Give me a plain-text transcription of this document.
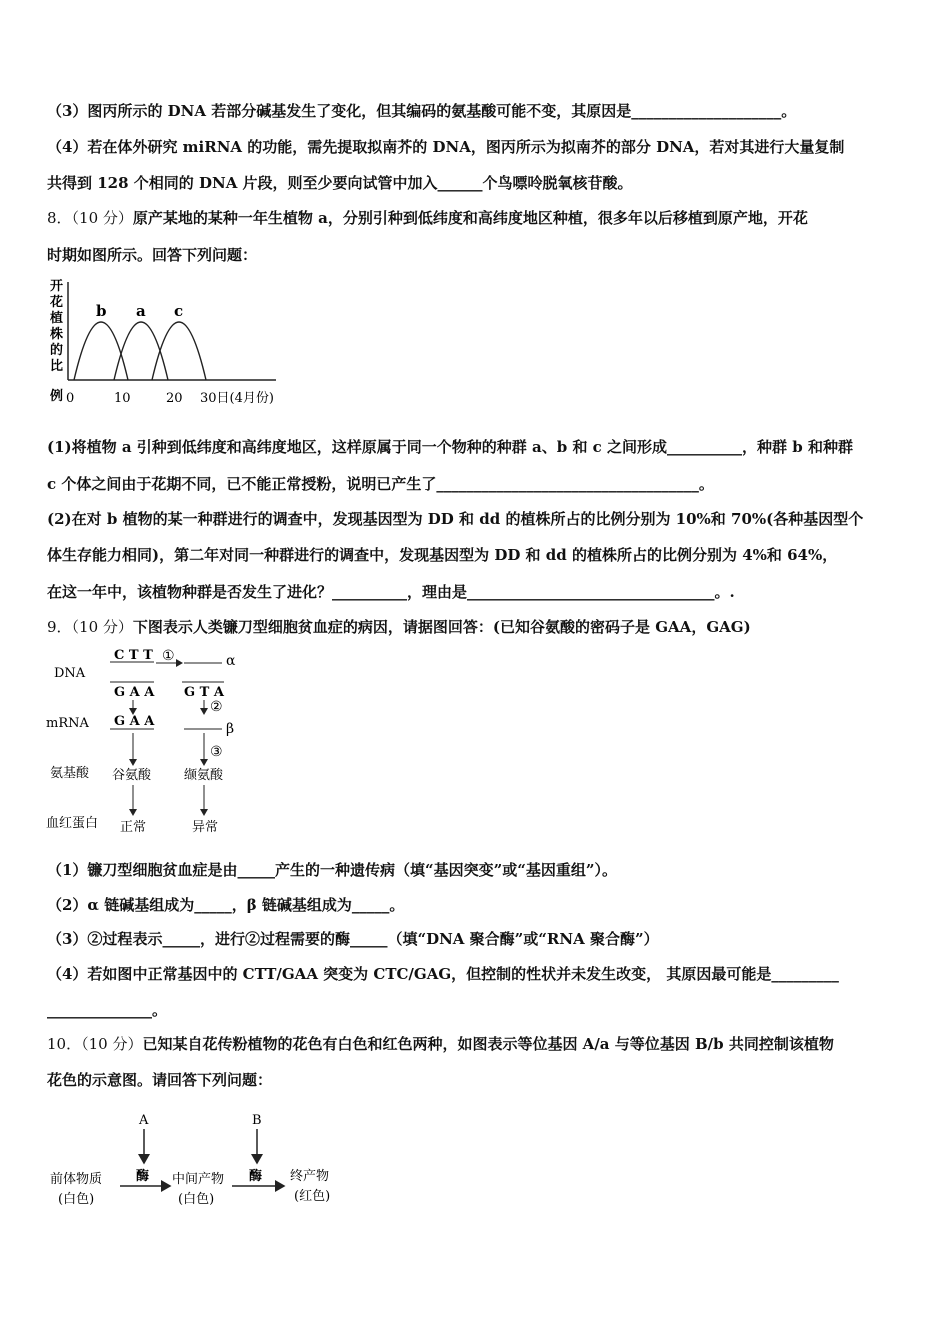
（3）图丙所示的 DNA 若部分碱基发生了变化，但其编码的氨基酸可能不变，其原因是____________________。
（4）若在体外研究 miRNA 的功能，需先提取拟南芥的 DNA，图丙所示为拟南芥的部分 DNA，若对其进行大量复制
共得到 128 个相同的 DNA 片段，则至少要向试管中加入______个鸟嘌呤脱氧核苷酸。
8．（10 分）原产某地的某种一年生植物 a，分别引种到低纬度和高纬度地区种植，很多年以后移植到原产地，开花
时期如图所示。回答下列问题：
开
花
植
株
的
比
例
b a c
0	10	20 30日(4月份)
(1)将植物 a 引种到低纬度和高纬度地区，这样原属于同一个物种的种群 a、b 和 c 之间形成__________，种群 b 和种群
c 个体之间由于花期不同，已不能正常授粉，说明已产生了___________________________________。
(2)在对 b 植物的某一种群进行的调查中，发现基因型为 DD 和 dd 的植株所占的比例分别为 10%和 70%(各种基因型个
体生存能力相同)，第二年对同一种群进行的调查中，发现基因型为 DD 和 dd 的植株所占的比例分别为 4%和 64%，
在这一年中，该植物种群是否发生了进化？__________，理由是_________________________________。.
9．（10 分）下图表示人类镰刀型细胞贫血症的病因，请据图回答：(已知谷氨酸的密码子是 GAA，GAG)
DNA
mRNA
氨基酸
血红蛋白
C T T
G A A G T A
G A A
①	α
②
β
③
谷氨酸	缬氨酸
正常	异常
（1）镰刀型细胞贫血症是由_____产生的一种遗传病（填“基因突变”或“基因重组”）。
（2）α 链碱基组成为_____，β 链碱基组成为_____。
（3）②过程表示_____，进行②过程需要的酶_____（填“DNA 聚合酶”或“RNA 聚合酶”）
（4）若如图中正常基因中的 CTT/GAA 突变为 CTC/GAG，但控制的性状并未发生改变， 其原因最可能是_________
______________。
10．（10 分）已知某自花传粉植物的花色有白色和红色两种，如图表示等位基因 A/a 与等位基因 B/b 共同控制该植物
花色的示意图。请回答下列问题：
A	B
酶	酶
前体物质
(白色)
中间产物
(白色)
终产物
(红色)
